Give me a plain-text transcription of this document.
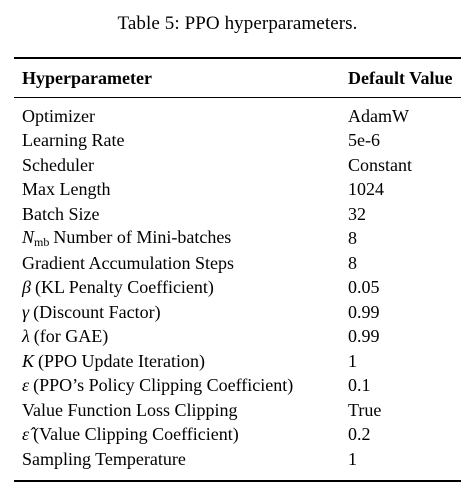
Table 5: PPO hyperparameters.
Hyperparameter	Default Value
Optimizer	AdamW
Learning Rate	5e-6
Scheduler	Constant
Max Length	1024
Batch Size	32
$N_{mb}$ Number of Mini-batches	8
Gradient Accumulation Steps	8
β (KL Penalty Coefficient)	0.05
γ (Discount Factor)	0.99
λ (for GAE)	0.99
K (PPO Update Iteration)	1
ε (PPO’s Policy Clipping Coefficient)	0.1
Value Function Loss Clipping	True
ε̂ (Value Clipping Coefficient)	0.2
Sampling Temperature	1
